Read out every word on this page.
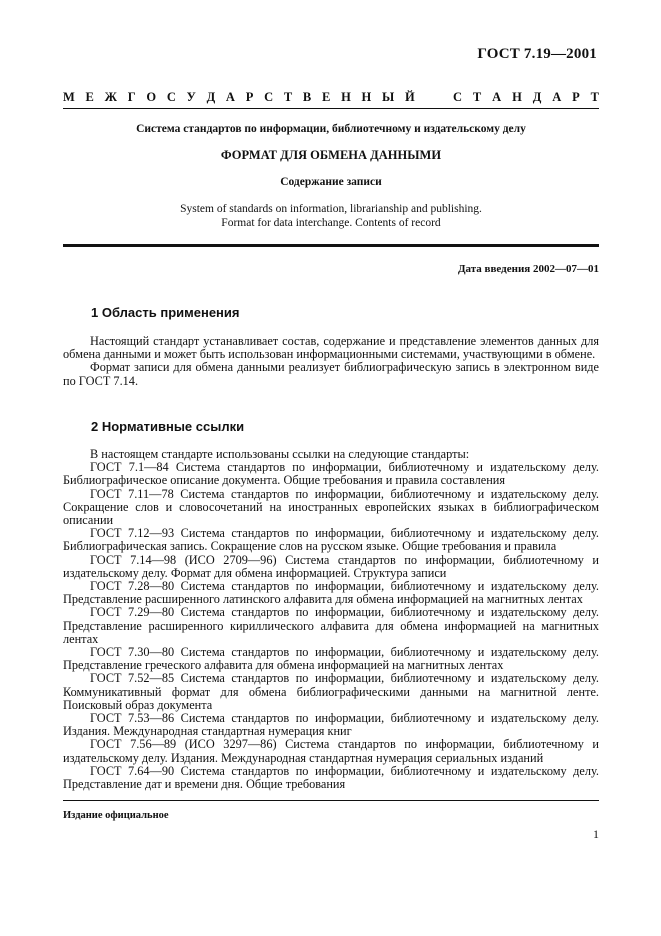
ГОСТ 7.19—2001
М Е Ж Г О С У Д А Р С Т В Е Н Н Ы Й	С Т А Н Д А Р Т
Система стандартов по информации, библиотечному и издательскому делу
ФОРМАТ ДЛЯ ОБМЕНА ДАННЫМИ
Содержание записи
System of standards on information, librarianship and publishing.
Format for data interchange. Contents of record
Дата введения 2002—07—01
1 Область применения

Настоящий стандарт устанавливает состав, содержание и представление элементов данных для обмена данными и может быть использован информационными системами, участвующими в обмене.

Формат записи для обмена данными реализует библиографическую запись в электронном виде по ГОСТ 7.14.

2 Нормативные ссылки

В настоящем стандарте использованы ссылки на следующие стандарты:

ГОСТ 7.1—84 Система стандартов по информации, библиотечному и издательскому делу. Библиографическое описание документа. Общие требования и правила составления

ГОСТ 7.11—78 Система стандартов по информации, библиотечному и издательскому делу. Сокращение слов и словосочетаний на иностранных европейских языках в библиографическом описании

ГОСТ 7.12—93 Система стандартов по информации, библиотечному и издательскому делу. Библиографическая запись. Сокращение слов на русском языке. Общие требования и правила

ГОСТ 7.14—98 (ИСО 2709—96) Система стандартов по информации, библиотечному и издательскому делу. Формат для обмена информацией. Структура записи

ГОСТ 7.28—80 Система стандартов по информации, библиотечному и издательскому делу. Представление расширенного латинского алфавита для обмена информацией на магнитных лентах

ГОСТ 7.29—80 Система стандартов по информации, библиотечному и издательскому делу. Представление расширенного кириллического алфавита для обмена информацией на магнитных лентах

ГОСТ 7.30—80 Система стандартов по информации, библиотечному и издательскому делу. Представление греческого алфавита для обмена информацией на магнитных лентах

ГОСТ 7.52—85 Система стандартов по информации, библиотечному и издательскому делу. Коммуникативный формат для обмена библиографическими данными на магнитной ленте. Поисковый образ документа

ГОСТ 7.53—86 Система стандартов по информации, библиотечному и издательскому делу. Издания. Международная стандартная нумерация книг

ГОСТ 7.56—89 (ИСО 3297—86) Система стандартов по информации, библиотечному и издательскому делу. Издания. Международная стандартная нумерация сериальных изданий

ГОСТ 7.64—90 Система стандартов по информации, библиотечному и издательскому делу. Представление дат и времени дня. Общие требования

Издание официальное
1
